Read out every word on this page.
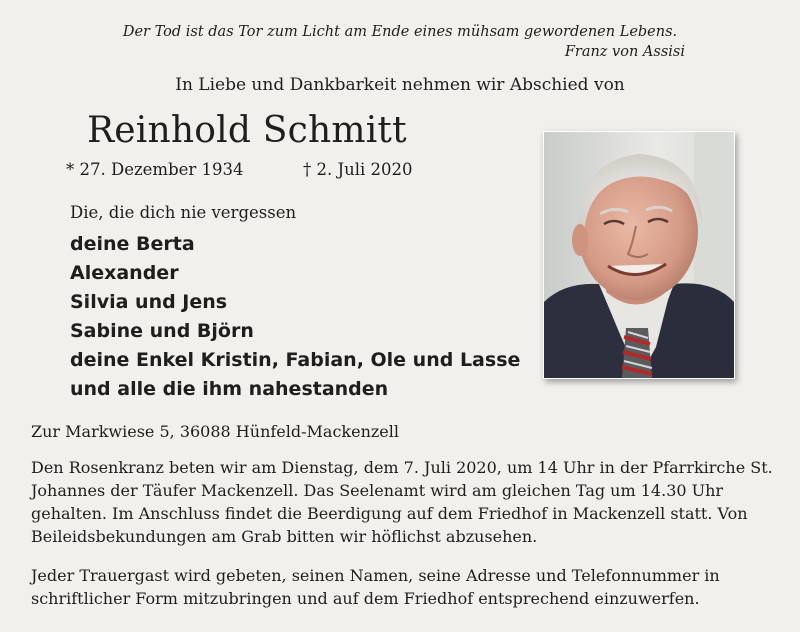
Der Tod ist das Tor zum Licht am Ende eines mühsam gewordenen Lebens.
Franz von Assisi
In Liebe und Dankbarkeit nehmen wir Abschied von
Reinhold Schmitt
* 27. Dezember 1934	† 2. Juli 2020
Die, die dich nie vergessen
deine Berta
Alexander
Silvia und Jens
Sabine und Björn
deine Enkel Kristin, Fabian, Ole und Lasse
und alle die ihm nahestanden
Zur Markwiese 5, 36088 Hünfeld-Mackenzell
Den Rosenkranz beten wir am Dienstag, dem 7. Juli 2020, um 14 Uhr in der Pfarrkirche St. Johannes der Täufer Mackenzell. Das Seelenamt wird am gleichen Tag um 14.30 Uhr gehalten. Im Anschluss findet die Beerdigung auf dem Friedhof in Mackenzell statt. Von Beileidsbekundungen am Grab bitten wir höflichst abzusehen.
Jeder Trauergast wird gebeten, seinen Namen, seine Adresse und Telefonnummer in schriftlicher Form mitzubringen und auf dem Friedhof entsprechend einzuwerfen.
